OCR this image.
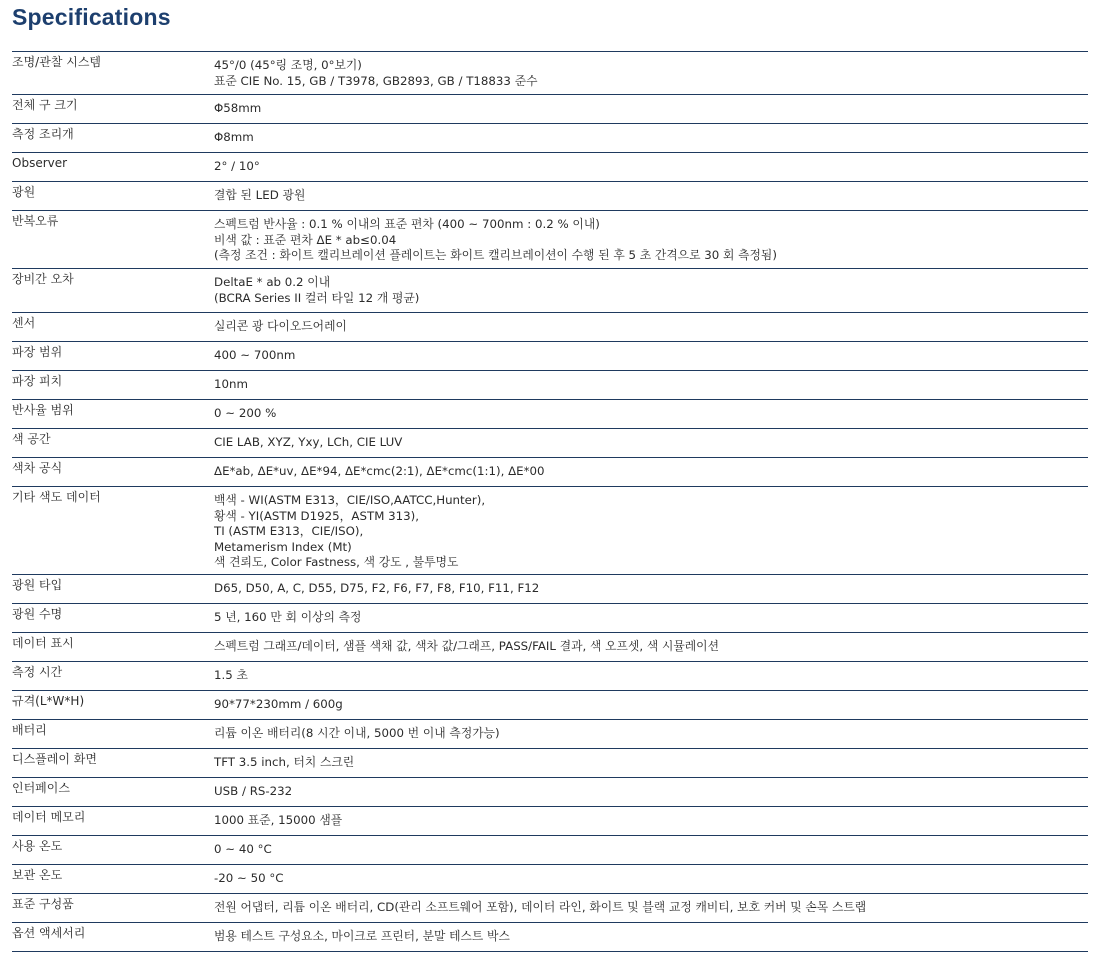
Specifications
조명/관찰 시스템	45°/0 (45°링 조명, 0°보기)
표준 CIE No. 15, GB / T3978, GB2893, GB / T18833 준수
전체 구 크기	Φ58mm
측정 조리개	Φ8mm
Observer	2° / 10°
광원	결합 된 LED 광원
반복오류	스펙트럼 반사율 : 0.1 % 이내의 표준 편차 (400 ~ 700nm : 0.2 % 이내)
비색 값 : 표준 편차 ΔE * ab≤0.04
(측정 조건 : 화이트 캘리브레이션 플레이트는 화이트 캘리브레이션이 수행 된 후 5 초 간격으로 30 회 측정됨)
장비간 오차	DeltaE * ab 0.2 이내
(BCRA Series II 컬러 타일 12 개 평균)
센서	실리콘 광 다이오드어레이
파장 범위	400 ~ 700nm
파장 피치	10nm
반사율 범위	0 ~ 200 %
색 공간	CIE LAB, XYZ, Yxy, LCh, CIE LUV
색차 공식	ΔE*ab, ΔE*uv, ΔE*94, ΔE*cmc(2:1), ΔE*cmc(1:1), ΔE*00
기타 색도 데이터	백색 - WI(ASTM E313，CIE/ISO,AATCC,Hunter),
황색 - YI(ASTM D1925，ASTM 313),
TI (ASTM E313，CIE/ISO),
Metamerism Index (Mt)
색 견뢰도, Color Fastness, 색 강도 , 불투명도
광원 타입	D65, D50, A, C, D55, D75, F2, F6, F7, F8, F10, F11, F12
광원 수명	5 년, 160 만 회 이상의 측정
데이터 표시	스펙트럼 그래프/데이터, 샘플 색채 값, 색차 값/그래프, PASS/FAIL 결과, 색 오프셋, 색 시뮬레이션
측정 시간	1.5 초
규격(L*W*H)	90*77*230mm / 600g
배터리	리튬 이온 배터리(8 시간 이내, 5000 번 이내 측정가능)
디스플레이 화면	TFT 3.5 inch, 터치 스크린
인터페이스	USB / RS-232
데이터 메모리	1000 표준, 15000 샘플
사용 온도	0 ~ 40 °C
보관 온도	-20 ~ 50 °C
표준 구성품	전원 어댑터, 리튬 이온 배터리, CD(관리 소프트웨어 포함), 데이터 라인, 화이트 및 블랙 교정 캐비티, 보호 커버 및 손목 스트랩
옵션 액세서리	범용 테스트 구성요소, 마이크로 프린터, 분말 테스트 박스
